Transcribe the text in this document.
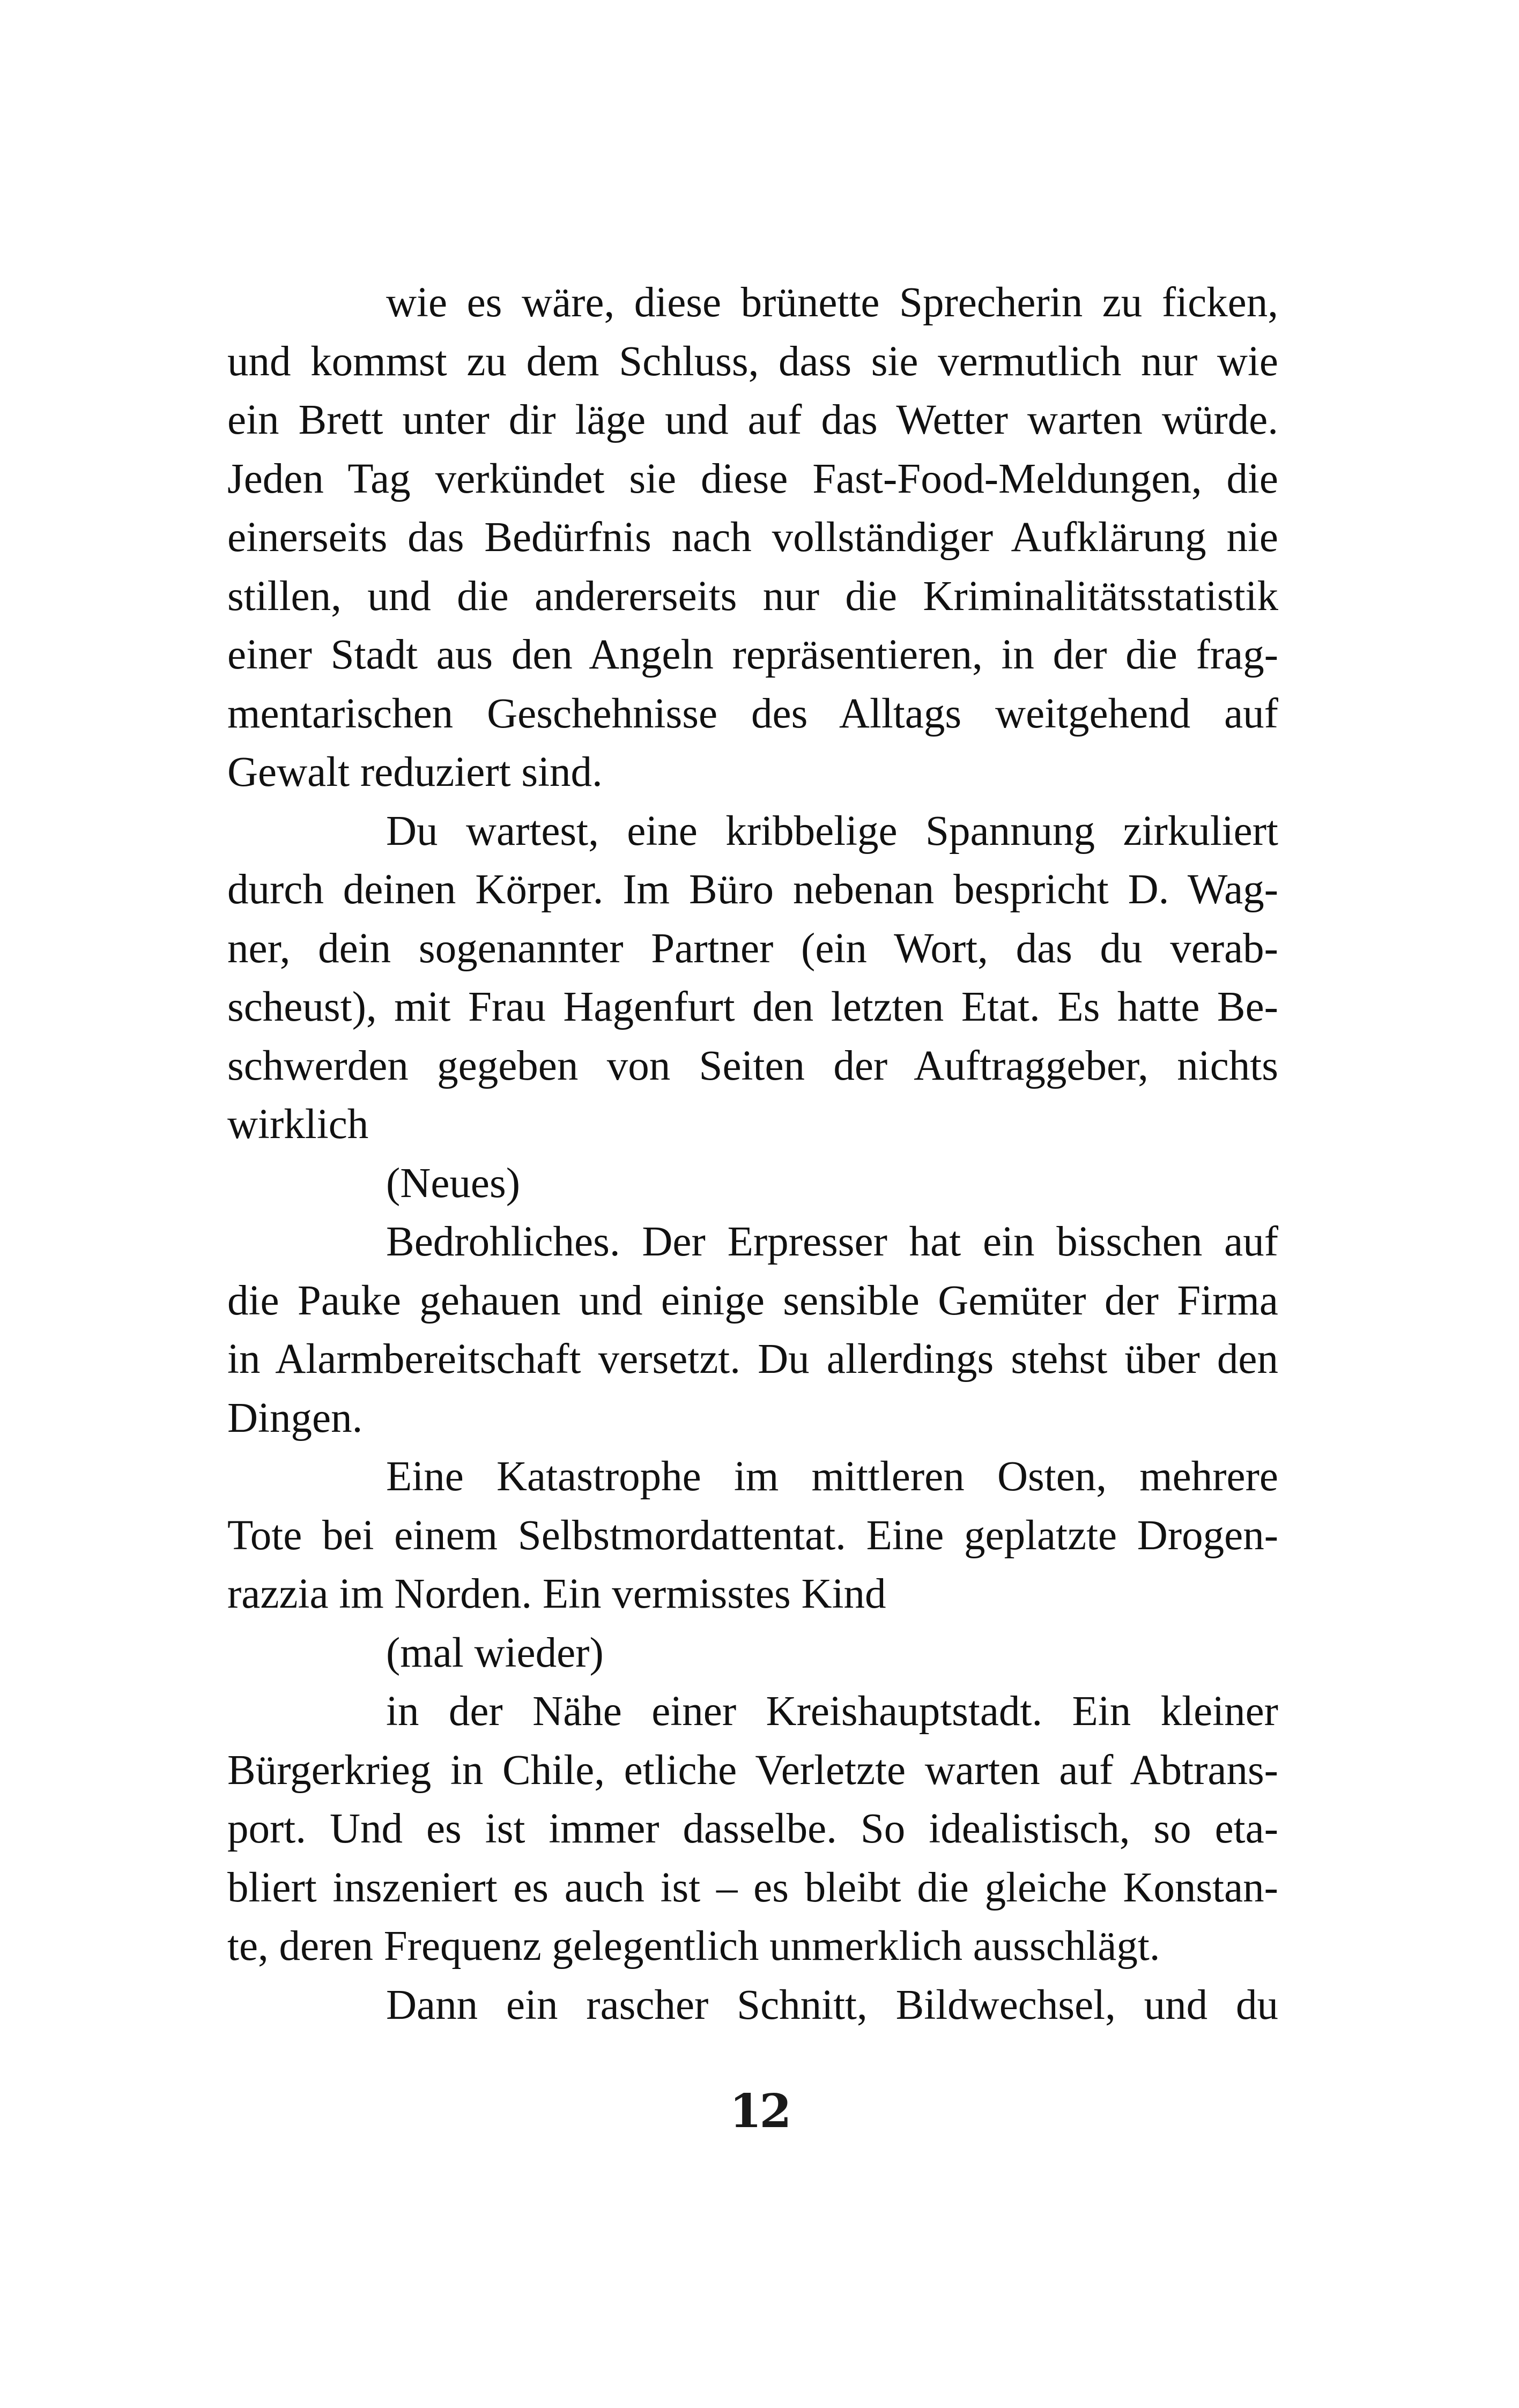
wie es wäre, diese brünette Sprecherin zu ficken,
und kommst zu dem Schluss, dass sie vermutlich nur wie
ein Brett unter dir läge und auf das Wetter warten würde.
Jeden Tag verkündet sie diese Fast-Food-Meldungen, die
einerseits das Bedürfnis nach vollständiger Aufklärung nie
stillen, und die andererseits nur die Kriminalitätsstatistik
einer Stadt aus den Angeln repräsentieren, in der die frag-
mentarischen Geschehnisse des Alltags weitgehend auf
Gewalt reduziert sind.
Du wartest, eine kribbelige Spannung zirkuliert
durch deinen Körper. Im Büro nebenan bespricht D. Wag-
ner, dein sogenannter Partner (ein Wort, das du verab-
scheust), mit Frau Hagenfurt den letzten Etat. Es hatte Be-
schwerden gegeben von Seiten der Auftraggeber, nichts
wirklich
(Neues)
Bedrohliches. Der Erpresser hat ein bisschen auf
die Pauke gehauen und einige sensible Gemüter der Firma
in Alarmbereitschaft versetzt. Du allerdings stehst über den
Dingen.
Eine Katastrophe im mittleren Osten, mehrere
Tote bei einem Selbstmordattentat. Eine geplatzte Drogen-
razzia im Norden. Ein vermisstes Kind
(mal wieder)
in der Nähe einer Kreishauptstadt. Ein kleiner
Bürgerkrieg in Chile, etliche Verletzte warten auf Abtrans-
port. Und es ist immer dasselbe. So idealistisch, so eta-
bliert inszeniert es auch ist – es bleibt die gleiche Konstan-
te, deren Frequenz gelegentlich unmerklich ausschlägt.
Dann ein rascher Schnitt, Bildwechsel, und du
12
